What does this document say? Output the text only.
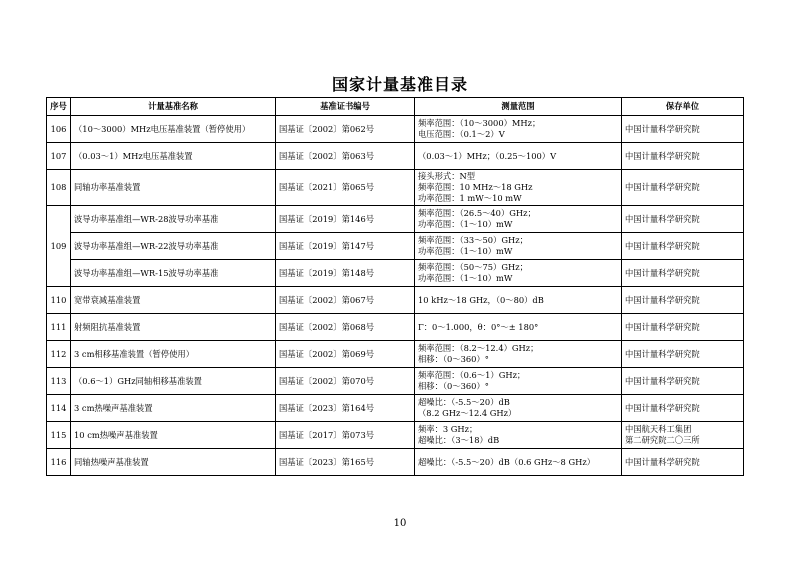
国家计量基准目录
序号	计量基准名称	基准证书编号	测量范围	保存单位
106	（10～3000）MHz电压基准装置（暂停使用）	国基证〔2002〕第062号	频率范围：（10～3000）MHz；
电压范围：（0.1～2）V	中国计量科学研究院
107	（0.03～1）MHz电压基准装置	国基证〔2002〕第063号	（0.03～1）MHz；（0.25～100）V	中国计量科学研究院
108	同轴功率基准装置	国基证〔2021〕第065号	接头形式：N型
频率范围：10 MHz～18 GHz
功率范围：1 mW～10 mW	中国计量科学研究院
109	波导功率基准组—WR-28波导功率基准	国基证〔2019〕第146号	频率范围：（26.5～40）GHz；
功率范围：（1～10）mW	中国计量科学研究院
	波导功率基准组—WR-22波导功率基准	国基证〔2019〕第147号	频率范围：（33～50）GHz；
功率范围：（1～10）mW	中国计量科学研究院
	波导功率基准组—WR-15波导功率基准	国基证〔2019〕第148号	频率范围：（50～75）GHz；
功率范围：（1～10）mW	中国计量科学研究院
110	宽带衰减基准装置	国基证〔2002〕第067号	10 kHz～18 GHz，（0～80）dB	中国计量科学研究院
111	射频阻抗基准装置	国基证〔2002〕第068号	Γ：0～1.000，θ：0°～± 180°	中国计量科学研究院
112	3 cm相移基准装置（暂停使用）	国基证〔2002〕第069号	频率范围：（8.2～12.4）GHz；
相移：（0～360）°	中国计量科学研究院
113	（0.6～1）GHz同轴相移基准装置	国基证〔2002〕第070号	频率范围：（0.6～1）GHz；
相移：（0～360）°	中国计量科学研究院
114	3 cm热噪声基准装置	国基证〔2023〕第164号	超噪比：（-5.5～20）dB
（8.2 GHz～12.4 GHz）	中国计量科学研究院
115	10 cm热噪声基准装置	国基证〔2017〕第073号	频率：3 GHz；
超噪比：（3～18）dB	中国航天科工集团
第二研究院二〇三所

116	同轴热噪声基准装置	国基证〔2023〕第165号	超噪比：（-5.5～20）dB（0.6 GHz～8 GHz）	中国计量科学研究院
10
